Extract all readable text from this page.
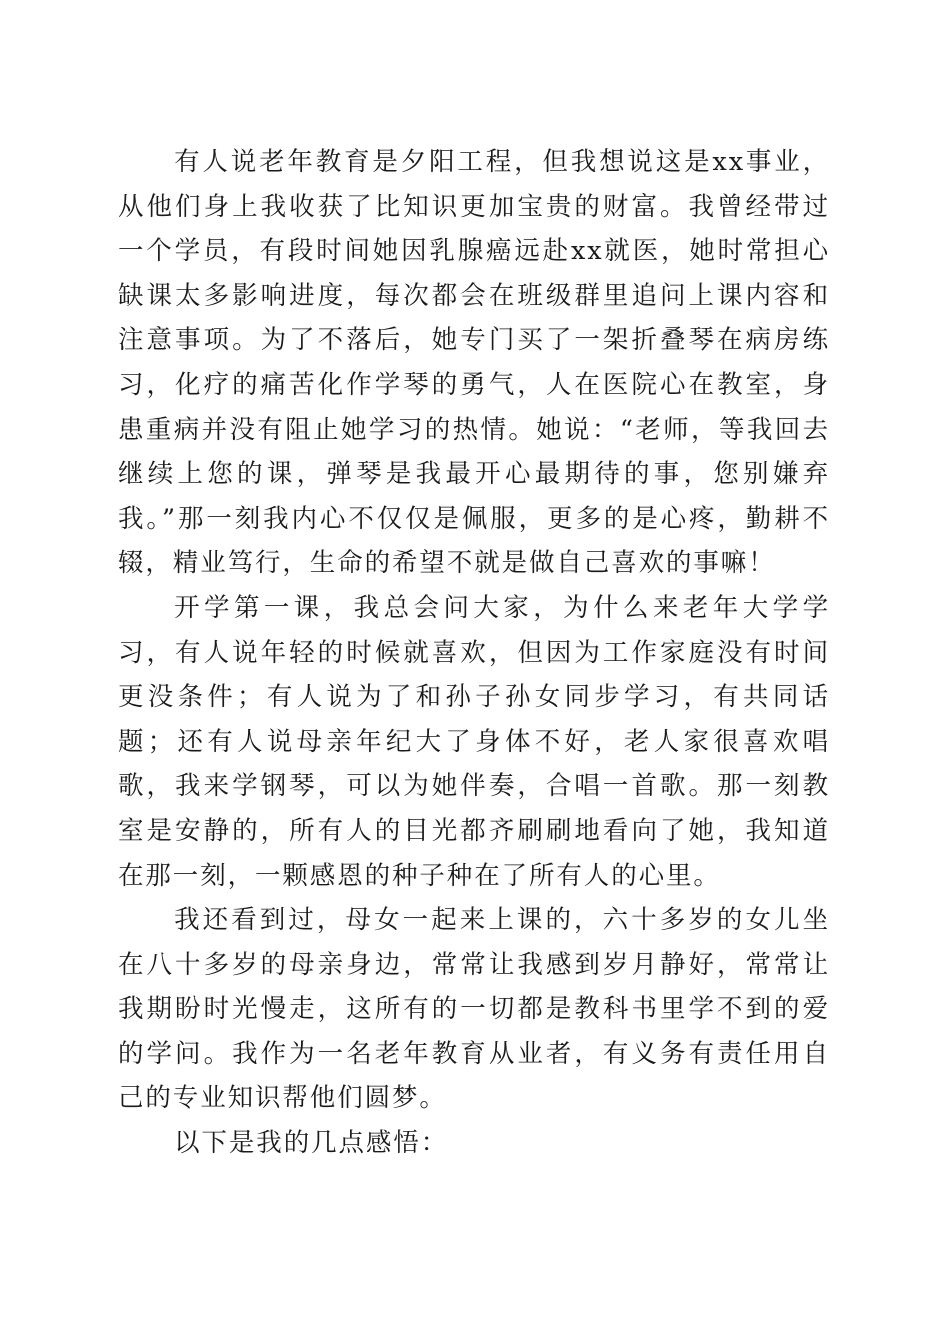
有人说老年教育是夕阳工程，但我想说这是xx事业，从他们身上我收获了比知识更加宝贵的财富。我曾经带过一个学员，有段时间她因乳腺癌远赴xx就医，她时常担心缺课太多影响进度，每次都会在班级群里追问上课内容和注意事项。为了不落后，她专门买了一架折叠琴在病房练习，化疗的痛苦化作学琴的勇气，人在医院心在教室，身患重病并没有阻止她学习的热情。她说：“老师，等我回去继续上您的课，弹琴是我最开心最期待的事，您别嫌弃我。”那一刻我内心不仅仅是佩服，更多的是心疼，勤耕不辍，精业笃行，生命的希望不就是做自己喜欢的事嘛！

开学第一课，我总会问大家，为什么来老年大学学习，有人说年轻的时候就喜欢，但因为工作家庭没有时间更没条件；有人说为了和孙子孙女同步学习，有共同话题；还有人说母亲年纪大了身体不好，老人家很喜欢唱歌，我来学钢琴，可以为她伴奏，合唱一首歌。那一刻教室是安静的，所有人的目光都齐刷刷地看向了她，我知道在那一刻，一颗感恩的种子种在了所有人的心里。

我还看到过，母女一起来上课的，六十多岁的女儿坐在八十多岁的母亲身边，常常让我感到岁月静好，常常让我期盼时光慢走，这所有的一切都是教科书里学不到的爱的学问。我作为一名老年教育从业者，有义务有责任用自己的专业知识帮他们圆梦。

以下是我的几点感悟：
